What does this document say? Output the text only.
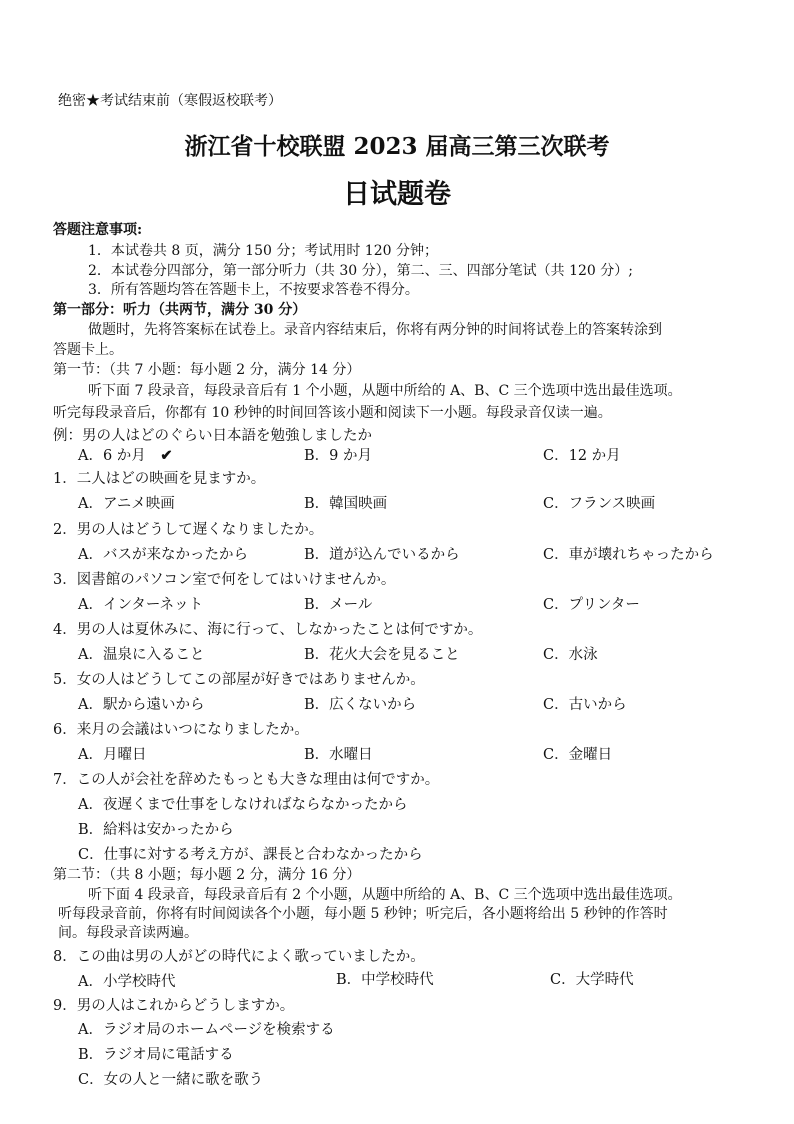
绝密★考试结束前（寒假返校联考）
浙江省十校联盟 2023 届高三第三次联考
日试题卷
答题注意事项:
1．本试卷共 8 页，满分 150 分；考试用时 120 分钟；
2．本试卷分四部分，第一部分听力（共 30 分），第二、三、四部分笔试（共 120 分）;
3．所有答题均答在答题卡上，不按要求答卷不得分。
第一部分：听力（共两节，满分 30 分）
做题时，先将答案标在试卷上。录音内容结束后，你将有两分钟的时间将试卷上的答案转涂到
答题卡上。
第一节：（共 7 小题：每小题 2 分，满分 14 分）
听下面 7 段录音，每段录音后有 1 个小题，从题中所给的 A、B、C 三个选项中选出最佳选项。
听完每段录音后，你都有 10 秒钟的时间回答该小题和阅读下一小题。每段录音仅读一遍。
例：男の人はどのぐらい日本語を勉強しましたか
A．6 か月 ✔	B．9 か月	C．12 か月
1．二人はどの映画を見ますか。
A．アニメ映画	B．韓国映画	C．フランス映画
2．男の人はどうして遅くなりましたか。
A．バスが来なかったから	B．道が込んでいるから	C．車が壊れちゃったから
3．図書館のパソコン室で何をしてはいけませんか。
A．インターネット	B．メール	C．プリンター
4．男の人は夏休みに、海に行って、しなかったことは何ですか。
A．温泉に入ること	B．花火大会を見ること	C．水泳
5．女の人はどうしてこの部屋が好きではありませんか。
A．駅から遠いから	B．広くないから	C．古いから
6．来月の会議はいつになりましたか。
A．月曜日	B．水曜日	C．金曜日
7．この人が会社を辞めたもっとも大きな理由は何ですか。
A．夜遅くまで仕事をしなければならなかったから
B．給料は安かったから
C．仕事に対する考え方が、課長と合わなかったから
第二节：（共 8 小题；每小题 2 分，满分 16 分）
听下面 4 段录音，每段录音后有 2 个小题，从题中所给的 A、B、C 三个选项中选出最佳选项。
听每段录音前，你将有时间阅读各个小题，每小题 5 秒钟；听完后，各小题将给出 5 秒钟的作答时
间。每段录音读两遍。
8．この曲は男の人がどの時代によく歌っていましたか。
A．小学校時代	B．中学校時代	C．大学時代
9．男の人はこれからどうしますか。
A．ラジオ局のホームページを検索する
B．ラジオ局に電話する
C．女の人と一緒に歌を歌う
